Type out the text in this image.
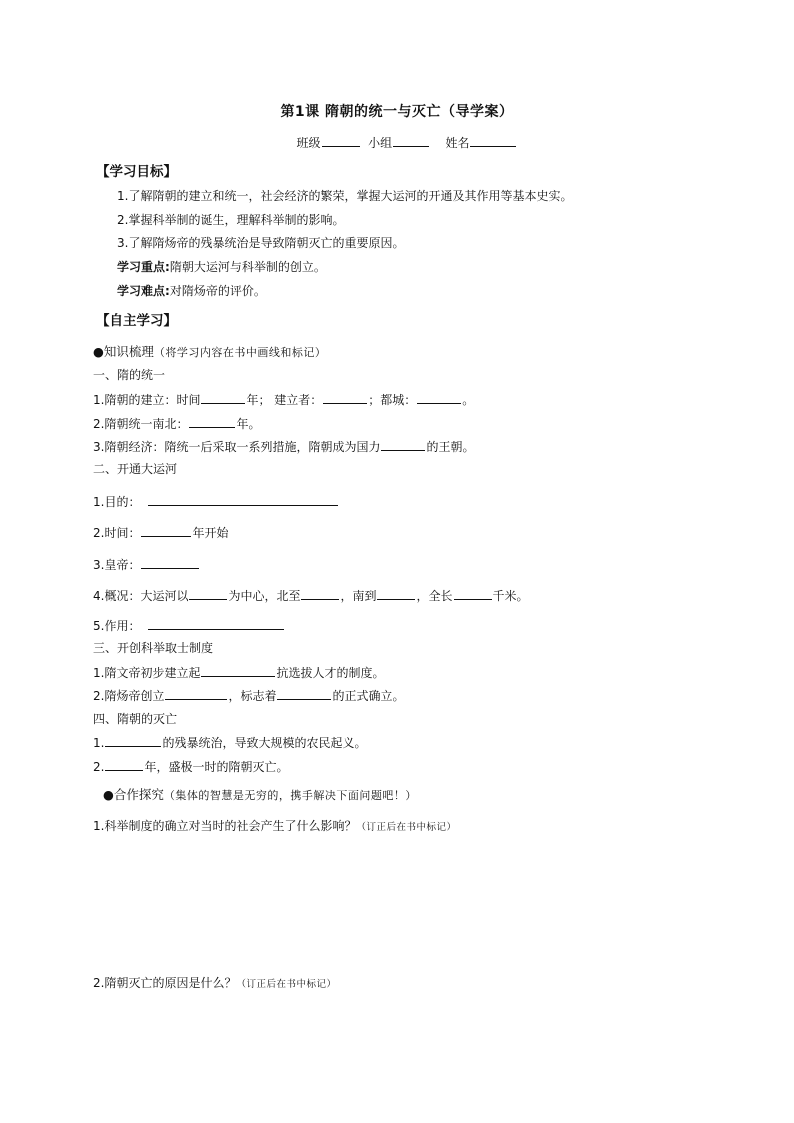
第1课 隋朝的统一与灭亡（导学案）
班级	小组	姓名
【学习目标】
1.了解隋朝的建立和统一，社会经济的繁荣，掌握大运河的开通及其作用等基本史实。
2.掌握科举制的诞生，理解科举制的影响。
3.了解隋炀帝的残暴统治是导致隋朝灭亡的重要原因。
学习重点:隋朝大运河与科举制的创立。
学习难点:对隋炀帝的评价。
【自主学习】
●知识梳理（将学习内容在书中画线和标记）
一、隋的统一
1.隋朝的建立：时间	年； 建立者：	；都城：	。
2.隋朝统一南北：	年。
3.隋朝经济：隋统一后采取一系列措施，隋朝成为国力	的王朝。
二、开通大运河
1.目的：
2.时间：	年开始
3.皇帝：
4.概况：大运河以	为中心，北至	，南到	，全长	千米。
5.作用：
三、开创科举取士制度
1.隋文帝初步建立起	抗选拔人才的制度。
2.隋炀帝创立	，标志着	的正式确立。
四、隋朝的灭亡
1.	的残暴统治，导致大规模的农民起义。
2.	年，盛极一时的隋朝灭亡。
●合作探究（集体的智慧是无穷的，携手解决下面问题吧！）
1.科举制度的确立对当时的社会产生了什么影响？（订正后在书中标记）
2.隋朝灭亡的原因是什么？（订正后在书中标记）
